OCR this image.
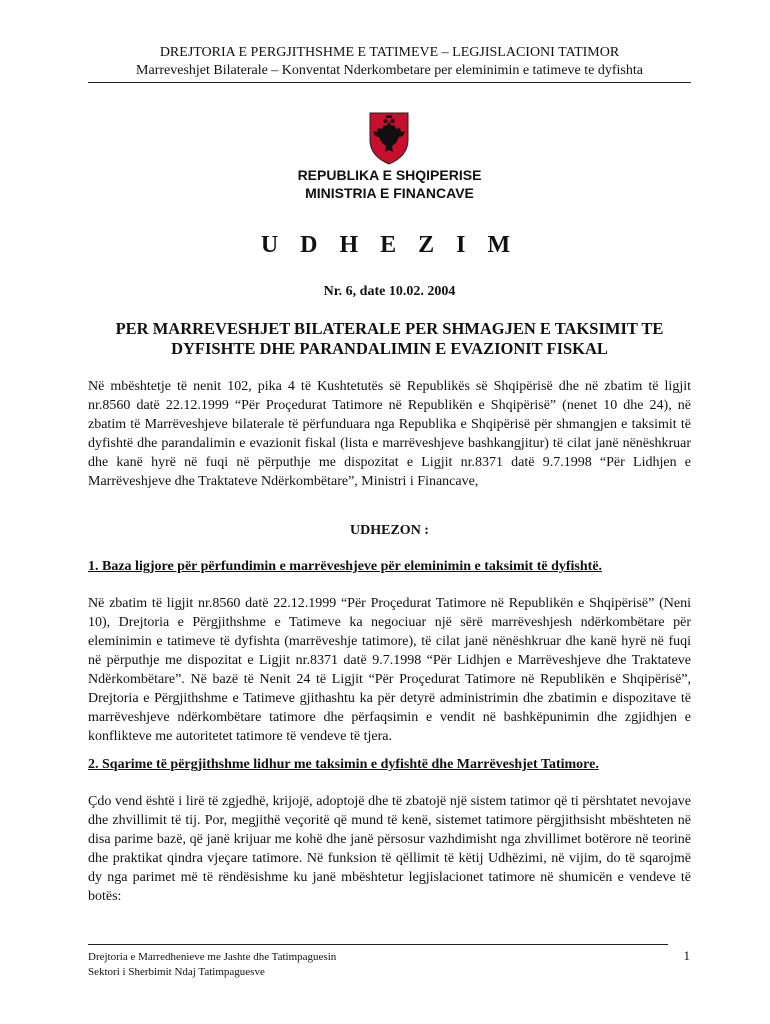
DREJTORIA E PERGJITHSHME E TATIMEVE – LEGJISLACIONI TATIMOR
Marreveshjet Bilaterale – Konventat Nderkombetare per eleminimin e tatimeve te dyfishta
REPUBLIKA E SHQIPERISE
MINISTRIA E FINANCAVE
U D H E Z I M
Nr. 6, date 10.02. 2004
PER MARREVESHJET BILATERALE PER SHMAGJEN E TAKSIMIT TE
DYFISHTE DHE PARANDALIMIN E EVAZIONIT FISKAL

Në mbështetje të nenit 102, pika 4 të Kushtetutës së Republikës së Shqipërisë dhe në zbatim të ligjit nr.8560 datë 22.12.1999 “Për Proçedurat Tatimore në Republikën e Shqipërisë” (nenet 10 dhe 24), në zbatim të Marrëveshjeve bilaterale të përfunduara nga Republika e Shqipërisë për shmangjen e taksimit të dyfishtë dhe parandalimin e evazionit fiskal (lista e marrëveshjeve bashkangjitur) të cilat janë nënëshkruar dhe kanë hyrë në fuqi në përputhje me dispozitat e Ligjit nr.8371 datë 9.7.1998 “Për Lidhjen e Marrëveshjeve dhe Traktateve Ndërkombëtare”, Ministri i Financave,

UDHEZON :
1. Baza ligjore për përfundimin e marrëveshjeve për eleminimin e taksimit të dyfishtë.

Në zbatim të ligjit nr.8560 datë 22.12.1999 “Për Proçedurat Tatimore në Republikën e Shqipërisë” (Neni 10), Drejtoria e Përgjithshme e Tatimeve ka negociuar një sërë marrëveshjesh ndërkombëtare për eleminimin e tatimeve të dyfishta (marrëveshje tatimore), të cilat janë nënëshkruar dhe kanë hyrë në fuqi në përputhje me dispozitat e Ligjit nr.8371 datë 9.7.1998 “Për Lidhjen e Marrëveshjeve dhe Traktateve Ndërkombëtare”. Në bazë të Nenit 24 të Ligjit “Për Proçedurat Tatimore në Republikën e Shqipërisë”, Drejtoria e Përgjithshme e Tatimeve gjithashtu ka për detyrë administrimin dhe zbatimin e dispozitave të marrëveshjeve ndërkombëtare tatimore dhe përfaqsimin e vendit në bashkëpunimin dhe zgjidhjen e konflikteve me autoritetet tatimore të vendeve të tjera.

2. Sqarime të përgjithshme lidhur me taksimin e dyfishtë dhe Marrëveshjet Tatimore.

Çdo vend është i lirë të zgjedhë, krijojë, adoptojë dhe të zbatojë një sistem tatimor që ti përshtatet nevojave dhe zhvillimit të tij. Por, megjithë veçoritë që mund të kenë, sistemet tatimore përgjithsisht mbështeten në disa parime bazë, që janë krijuar me kohë dhe janë përsosur vazhdimisht nga zhvillimet botërore në teorinë dhe praktikat qindra vjeçare tatimore. Në funksion të qëllimit të këtij Udhëzimi, në vijim, do të sqarojmë dy nga parimet më të rëndësishme ku janë mbështetur legjislacionet tatimore në shumicën e vendeve të botës:

Drejtoria e Marredhenieve me Jashte dhe Tatimpaguesin
Sektori i Sherbimit Ndaj Tatimpaguesve
1
